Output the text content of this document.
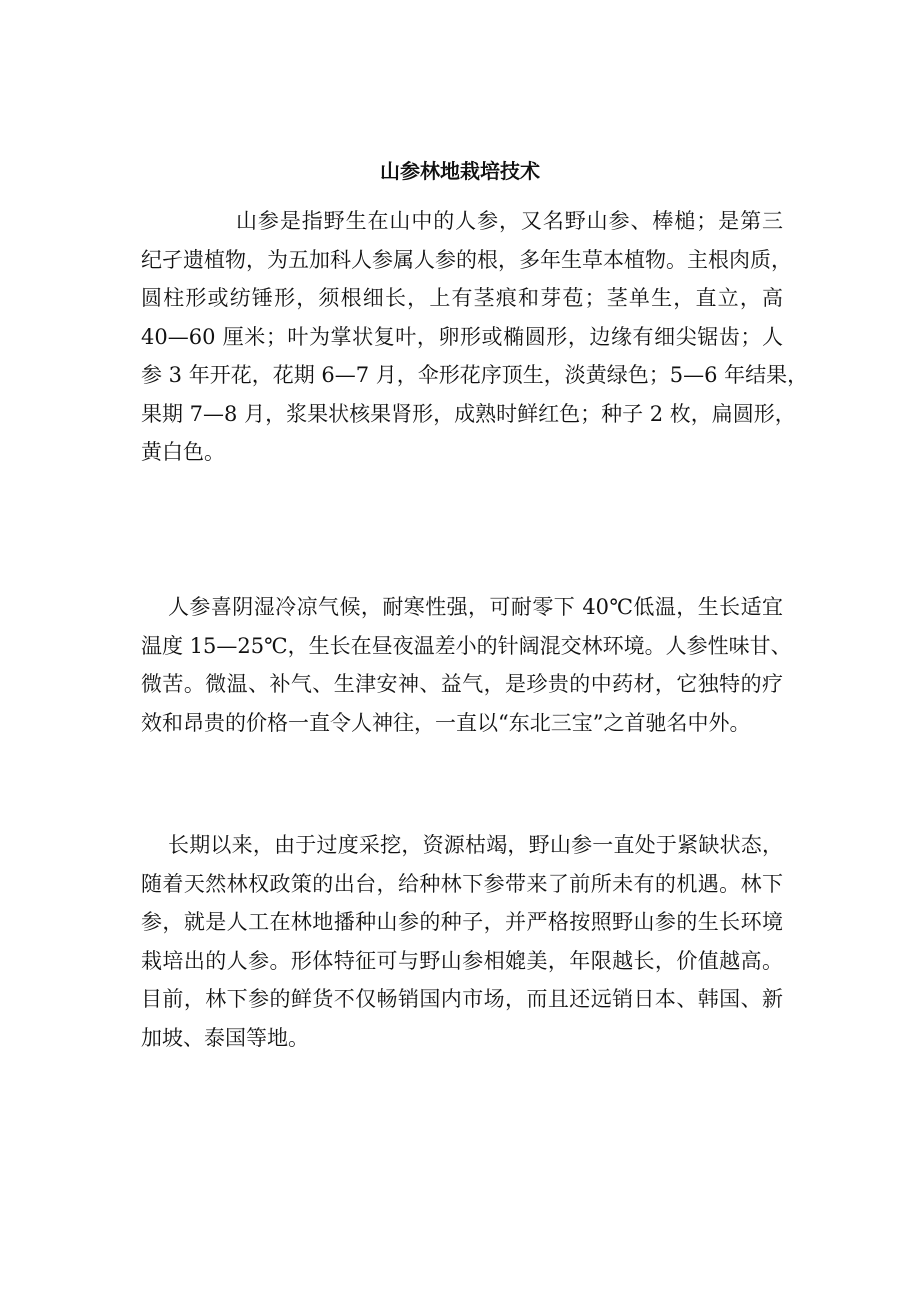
山参林地栽培技术

山参是指野生在山中的人参，又名野山参、棒槌；是第三
纪孑遗植物，为五加科人参属人参的根，多年生草本植物。主根肉质，
圆柱形或纺锤形，须根细长，上有茎痕和芽苞；茎单生，直立，高
40—60 厘米；叶为掌状复叶，卵形或椭圆形，边缘有细尖锯齿；人
参 3 年开花，花期 6—7 月，伞形花序顶生，淡黄绿色；5—6 年结果，
果期 7—8 月，浆果状核果肾形，成熟时鲜红色；种子 2 枚，扁圆形，
黄白色。

人参喜阴湿冷凉气候，耐寒性强，可耐零下 40℃低温，生长适宜
温度 15—25℃，生长在昼夜温差小的针阔混交林环境。人参性味甘、
微苦。微温、补气、生津安神、益气，是珍贵的中药材，它独特的疗
效和昂贵的价格一直令人神往，一直以“东北三宝”之首驰名中外。

长期以来，由于过度采挖，资源枯竭，野山参一直处于紧缺状态，
随着天然林权政策的出台，给种林下参带来了前所未有的机遇。林下
参，就是人工在林地播种山参的种子，并严格按照野山参的生长环境
栽培出的人参。形体特征可与野山参相媲美，年限越长，价值越高。
目前，林下参的鲜货不仅畅销国内市场，而且还远销日本、韩国、新
加坡、泰国等地。
